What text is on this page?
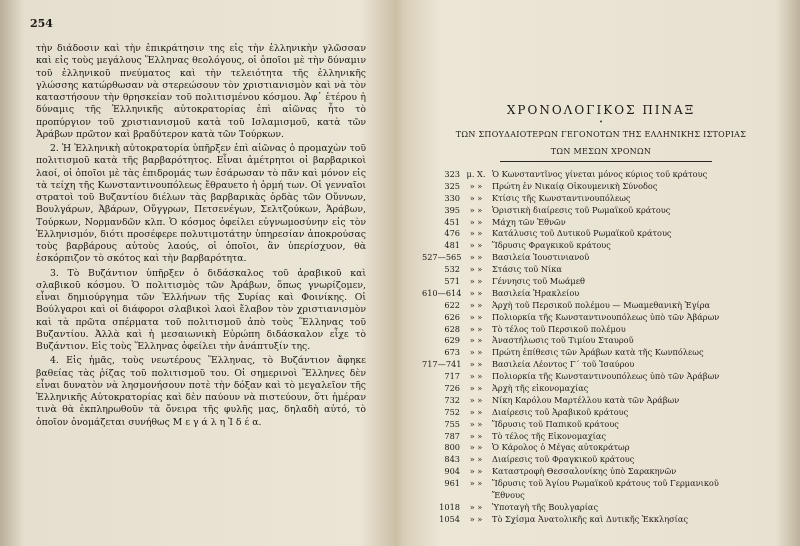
254

τὴν διάδοσιν καὶ τὴν ἐπικράτησιν της εἰς τὴν ἑλληνικὴν γλῶσσαν καὶ εἰς τοὺς μεγάλους Ἕλληνας θεολόγους, οἱ ὁποῖοι μὲ τὴν δύναμιν τοῦ ἑλληνικοῦ πνεύματος καὶ τὴν τελειότητα τῆς ἑλληνικῆς γλώσσης κατώρθωσαν νὰ στερεώσουν τὸν χριστιανισμὸν καὶ νὰ τὸν καταστήσουν τὴν θρησκείαν τοῦ πολιτισμένου κόσμου. Ἀφ᾽ ἑτέρου ἡ δύναμις τῆς Ἑλληνικῆς αὐτοκρατορίας ἐπὶ αἰῶνας ἦτο τὸ προπύργιον τοῦ χριστιανισμοῦ κατὰ τοῦ Ισλαμισμοῦ, κατὰ τῶν Ἀράβων πρῶτον καὶ βραδύτερον κατὰ τῶν Τούρκων.

2. Ἡ Ἑλληνικὴ αὐτοκρατορία ὑπῆρξεν ἐπὶ αἰῶνας ὁ προμαχὼν τοῦ πολιτισμοῦ κατὰ τῆς βαρβαρότητος. Εἶναι ἀμέτρητοι οἱ βαρβαρικοὶ λαοί, οἱ ὁποῖοι μὲ τὰς ἐπιδρομάς των ἐσάρωσαν τὸ πᾶν καὶ μόνον εἰς τὰ τείχη τῆς Κωνσταντινουπόλεως ἔθραυετο ἡ ὁρμή των. Οἱ γενναῖοι στρατοὶ τοῦ Βυζαντίου διέλων τὰς βαρβαρικὰς ὁρδὰς τῶν Οὔννων, Βουλγάρων, Ἀβάρων, Οὔγγρων, Πετσενέγων, Σελτζούκων, Ἀράβων, Τούρκων, Νορμανδῶν κλπ. Ὁ κόσμος ὀφείλει εὐγνωμοσύνην εἰς τὸν Ἑλληνισμόν, διότι προσέφερε πολυτιμοτάτην ὑπηρεσίαν ἀποκρούσας τοὺς βαρβάρους αὐτοὺς λαούς, οἱ ὁποῖοι, ἂν ὑπερίσχυον, θὰ ἐσκόρπιζον τὸ σκότος καὶ τὴν βαρβαρότητα.

3. Τὸ Βυζάντιον ὑπῆρξεν ὁ διδάσκαλος τοῦ ἀραβικοῦ καὶ σλαβικοῦ κόσμου. Ὁ πολιτισμὸς τῶν Ἀράβων, ὅπως γνωρίζομεν, εἶναι δημιούργημα τῶν Ἑλλήνων τῆς Συρίας καὶ Φοινίκης. Οἱ Βούλγαροι καὶ οἱ διάφοροι σλαβικοὶ λαοὶ ἔλαβον τὸν χριστιανισμὸν καὶ τὰ πρῶτα σπέρματα τοῦ πολιτισμοῦ ἀπὸ τοὺς Ἕλληνας τοῦ Βυζαντίου. Ἀλλὰ καὶ ἡ μεσαιωνικὴ Εὐρώπη διδάσκαλον εἶχε τὸ Βυζάντιον. Εἰς τοὺς Ἕλληνας ὀφείλει τὴν ἀνάπτυξίν της.

4. Εἰς ἡμᾶς, τοὺς νεωτέρους Ἕλληνας, τὸ Βυζάντιον ἄφηκε βαθείας τὰς ῥίζας τοῦ πολιτισμοῦ του. Οἱ σημερινοὶ Ἕλληνες δὲν εἶναι δυνατὸν νὰ λησμονήσουν ποτὲ τὴν δόξαν καὶ τὸ μεγαλεῖον τῆς Ἑλληνικῆς Αὐτοκρατορίας καὶ δὲν παύουν νὰ πιστεύουν, ὅτι ἡμέραν τινὰ θὰ ἐκπληρωθοῦν τὰ ὄνειρα τῆς φυλῆς μας, δηλαδὴ αὐτό, τὸ ὁποῖον ὀνομάζεται συνήθως Μ ε γ ά λ η Ἰ δ έ α.

ΧΡΟΝΟΛΟΓΙΚΟΣ ΠΙΝΑΞ
•
ΤΩΝ ΣΠΟΥΔΑΙΟΤΕΡΩΝ ΓΕΓΟΝΟΤΩΝ ΤΗΣ ΕΛΛΗΝΙΚΗΣ ΙΣΤΟΡΙΑΣ
ΤΩΝ ΜΕΣΩΝ ΧΡΟΝΩΝ
323 μ. Χ. Ὁ Κωνσταντῖνος γίνεται μόνος κύριος τοῦ κράτους
325	» »	Πρώτη ἐν Νικαίᾳ Οἰκουμενικὴ Σύνοδος
330	» »	Κτίσις τῆς Κωνσταντινουπόλεως
395	» »	Ὁριστικὴ διαίρεσις τοῦ Ρωμαϊκοῦ κράτους
451	» »	Μάχη τῶν Ἐθνῶν
476	» »	Κατάλυσις τοῦ Δυτικοῦ Ρωμαϊκοῦ κράτους
481	» »	Ἵδρυσις Φραγκικοῦ κράτους
527—565	» »	Βασιλεία Ἰουστινιανοῦ
532	» »	Στάσις τοῦ Νίκα
571	» »	Γέννησις τοῦ Μωάμεθ
610—614	» »	Βασιλεία Ἡρακλείου
622	» »	Ἀρχὴ τοῦ Περσικοῦ πολέμου — Μωαμεθανικὴ Ἐγίρα
626	» »	Πολιορκία τῆς Κωνσταντινουπόλεως ὑπὸ τῶν Ἀβάρων
628	» »	Τὸ τέλος τοῦ Περσικοῦ πολέμου
629	» »	Ἀναστήλωσις τοῦ Τιμίου Σταυροῦ
673	» »	Πρώτη ἐπίθεσις τῶν Ἀράβων κατὰ τῆς Κωνπόλεως
717—741	» »	Βασιλεία Λέοντος Γ΄ τοῦ Ἰσαύρου
717	» »	Πολιορκία τῆς Κωνσταντινουπόλεως ὑπὸ τῶν Ἀράβων
726	» »	Ἀρχὴ τῆς εἰκονομαχίας
732	» »	Νίκη Καρόλου Μαρτέλλου κατὰ τῶν Ἀράβων
752	» »	Διαίρεσις τοῦ Ἀραβικοῦ κράτους
755	» »	Ἵδρυσις τοῦ Παπικοῦ κράτους
787	» »	Τὸ τέλος τῆς Εἰκονομαχίας
800	» »	Ὁ Κάρολος ὁ Μέγας αὐτοκράτωρ
843	» »	Διαίρεσις τοῦ Φραγκικοῦ κράτους
904	» »	Καταστροφὴ Θεσσαλονίκης ὑπὸ Σαρακηνῶν
961	» »	Ἵδρυσις τοῦ Ἁγίου Ρωμαϊκοῦ κράτους τοῦ Γερμανικοῦ
Ἔθνους
1018	» »	Ὑποταγὴ τῆς Βουλγαρίας
1054	» »	Τὸ Σχίσμα Ἀνατολικῆς καὶ Δυτικῆς Ἐκκλησίας
